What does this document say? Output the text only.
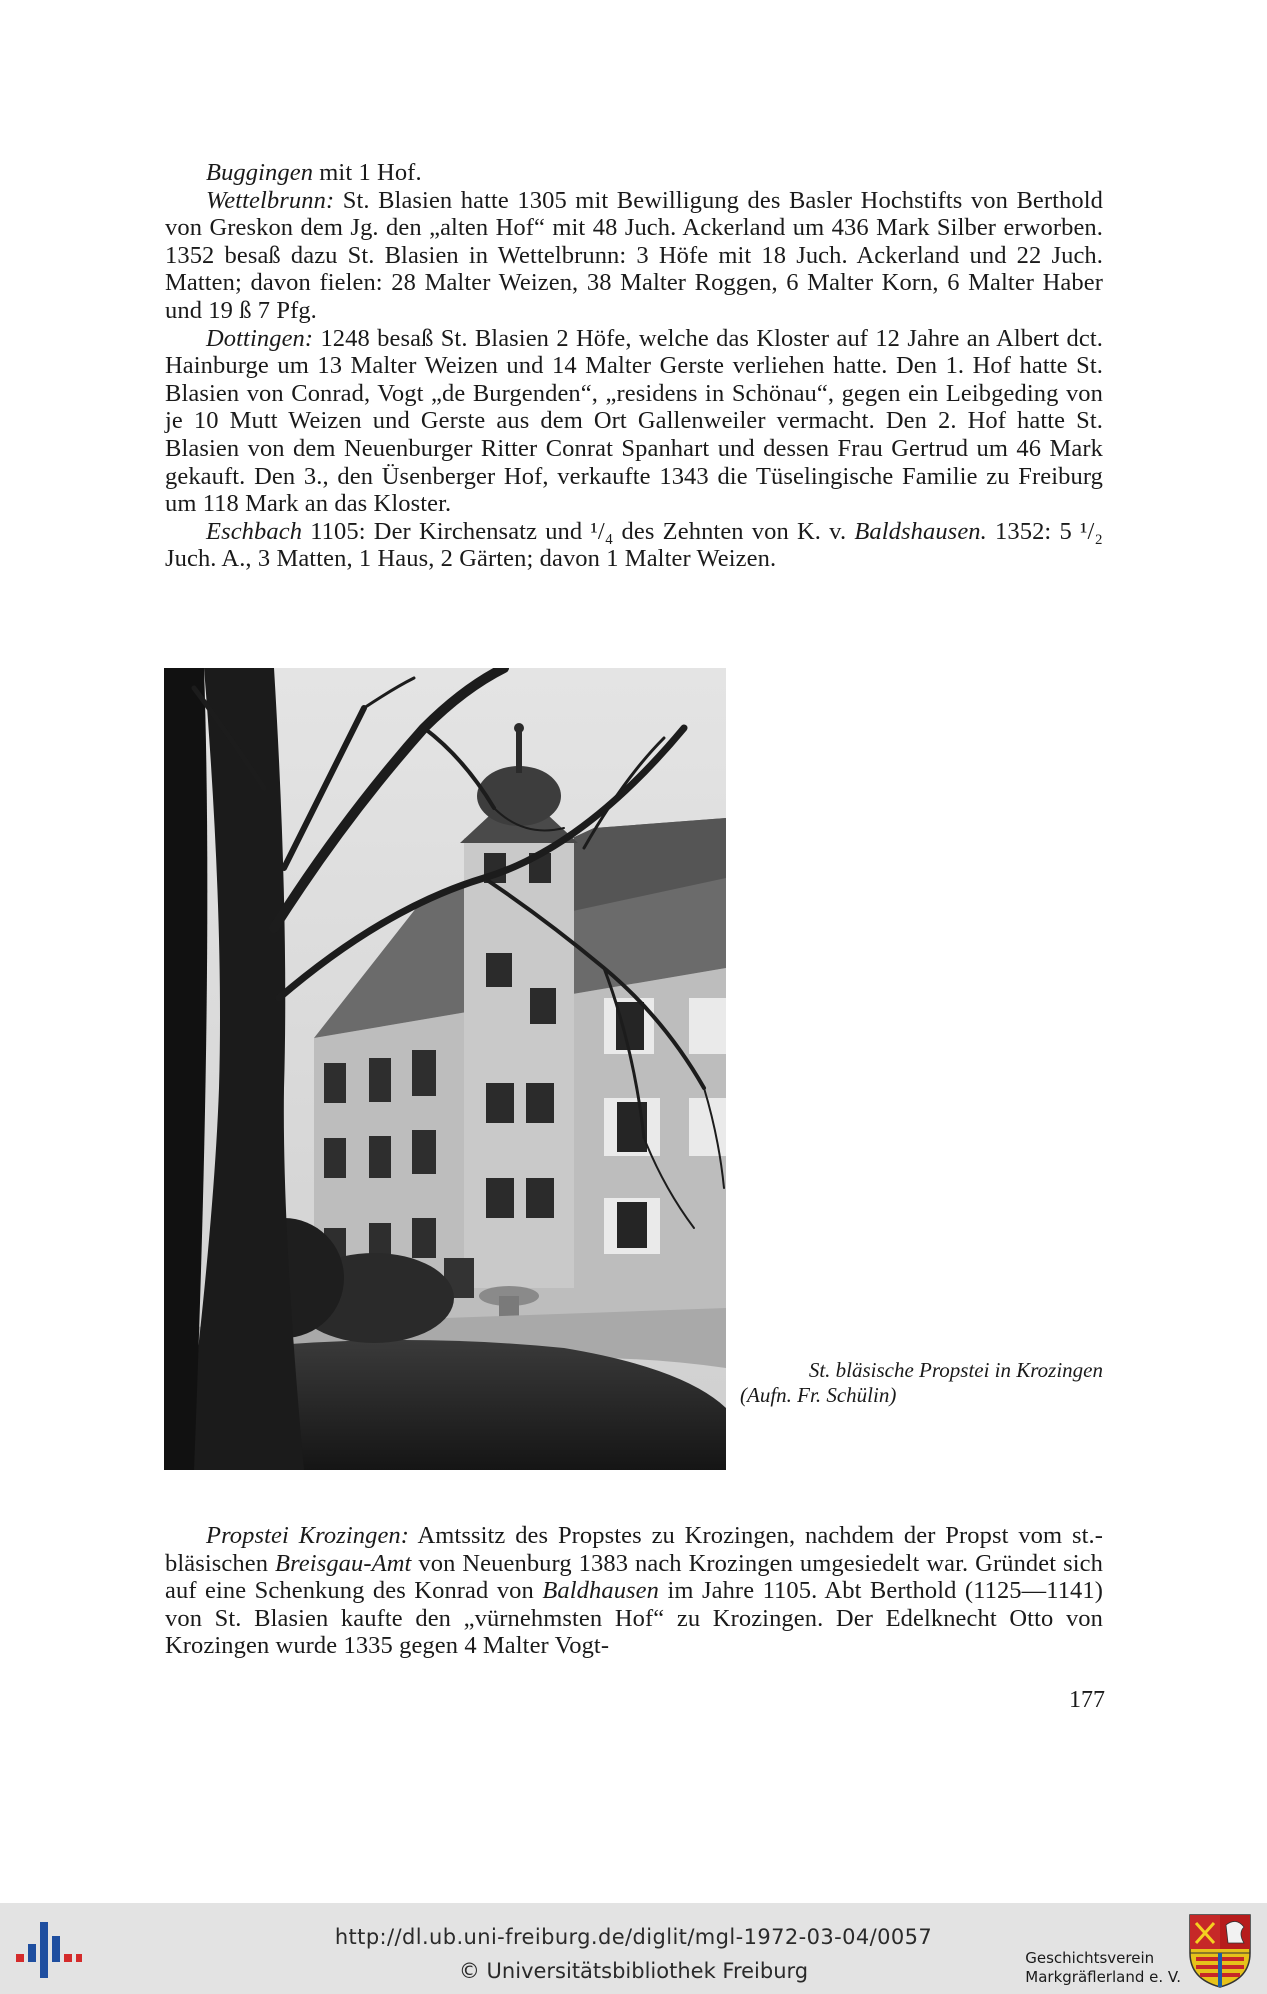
Buggingen mit 1 Hof.

Wettelbrunn: St. Blasien hatte 1305 mit Bewilligung des Basler Hochstifts von Berthold von Greskon dem Jg. den „alten Hof“ mit 48 Juch. Ackerland um 436 Mark Silber erworben. 1352 besaß dazu St. Blasien in Wettelbrunn: 3 Höfe mit 18 Juch. Ackerland und 22 Juch. Matten; davon fielen: 28 Malter Weizen, 38 Malter Roggen, 6 Malter Korn, 6 Malter Haber und 19 ß 7 Pfg.

Dottingen: 1248 besaß St. Blasien 2 Höfe, welche das Kloster auf 12 Jahre an Albert dct. Hainburge um 13 Malter Weizen und 14 Malter Gerste verliehen hatte. Den 1. Hof hatte St. Blasien von Conrad, Vogt „de Burgenden“, „residens in Schönau“, gegen ein Leibgeding von je 10 Mutt Weizen und Gerste aus dem Ort Gallenweiler vermacht. Den 2. Hof hatte St. Blasien von dem Neuenburger Ritter Conrat Spanhart und dessen Frau Gertrud um 46 Mark gekauft. Den 3., den Üsenberger Hof, verkaufte 1343 die Tüselingische Familie zu Freiburg um 118 Mark an das Kloster.

Eschbach 1105: Der Kirchensatz und ¹/₄ des Zehnten von K. v. Baldshausen. 1352: 5 ¹/₂ Juch. A., 3 Matten, 1 Haus, 2 Gärten; davon 1 Malter Weizen.

St. bläsische Propstei in Krozingen
(Aufn. Fr. Schülin)

Propstei Krozingen: Amtssitz des Propstes zu Krozingen, nachdem der Propst vom st.-bläsischen Breisgau-Amt von Neuenburg 1383 nach Krozingen umgesiedelt war. Gründet sich auf eine Schenkung des Konrad von Baldhausen im Jahre 1105. Abt Berthold (1125—1141) von St. Blasien kaufte den „vürnehmsten Hof“ zu Krozingen. Der Edelknecht Otto von Krozingen wurde 1335 gegen 4 Malter Vogt-

177
http://dl.ub.uni-freiburg.de/diglit/mgl-1972-03-04/0057
© Universitätsbibliothek Freiburg
Geschichtsverein
Markgräflerland e. V.
